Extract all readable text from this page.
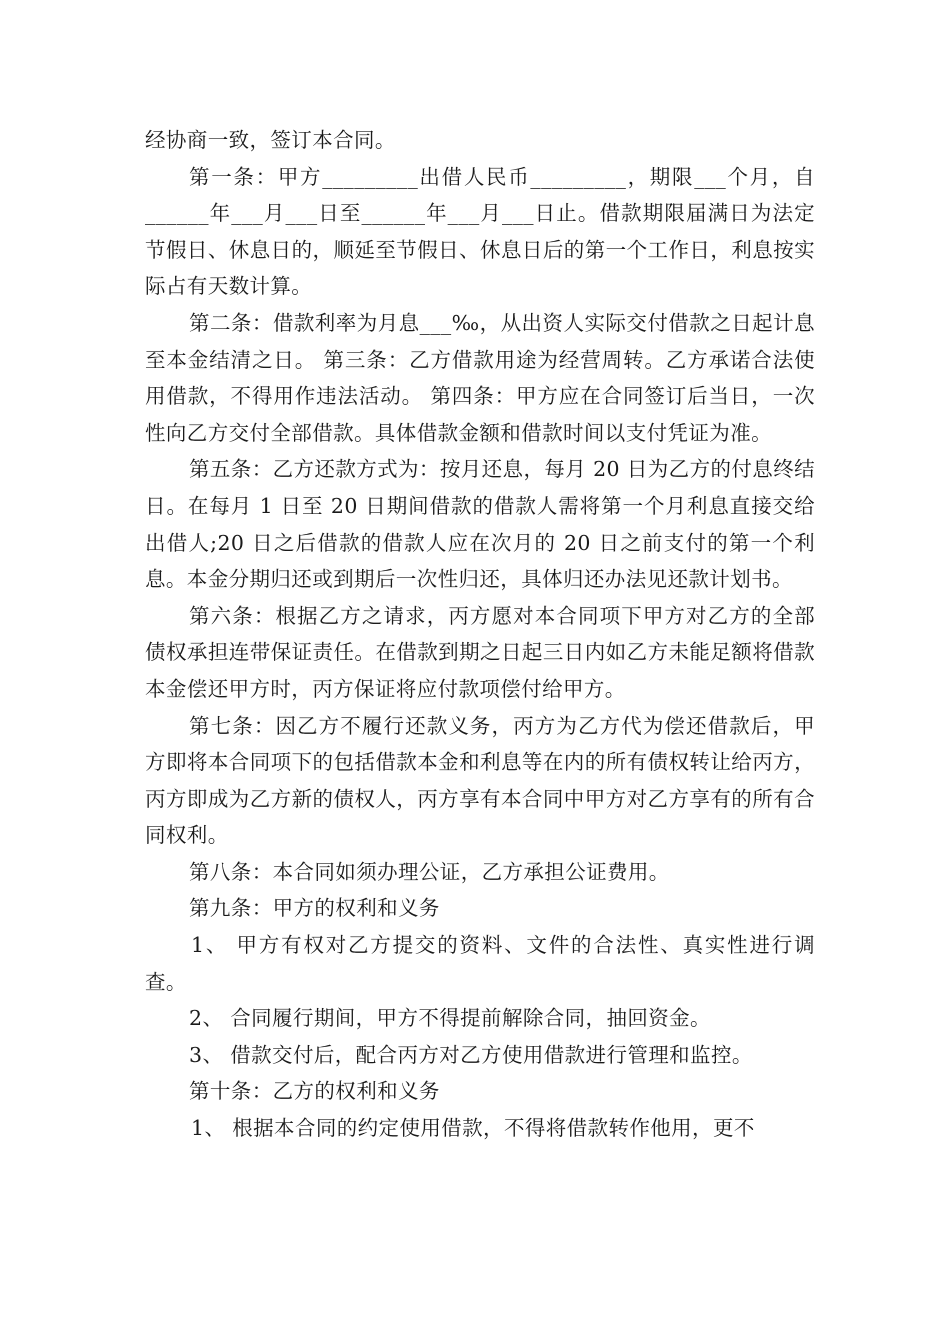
经协商一致，签订本合同。

第一条：甲方_________出借人民币_________，期限___个月，自______年___月___日至______年___月___日止。借款期限届满日为法定节假日、休息日的，顺延至节假日、休息日后的第一个工作日，利息按实际占有天数计算。

第二条：借款利率为月息___‰，从出资人实际交付借款之日起计息至本金结清之日。 第三条：乙方借款用途为经营周转。乙方承诺合法使用借款，不得用作违法活动。 第四条：甲方应在合同签订后当日，一次性向乙方交付全部借款。具体借款金额和借款时间以支付凭证为准。

第五条：乙方还款方式为：按月还息，每月 20 日为乙方的付息终结日。在每月 1 日至 20 日期间借款的借款人需将第一个月利息直接交给出借人;20 日之后借款的借款人应在次月的 20 日之前支付的第一个利息。本金分期归还或到期后一次性归还，具体归还办法见还款计划书。

第六条：根据乙方之请求，丙方愿对本合同项下甲方对乙方的全部债权承担连带保证责任。在借款到期之日起三日内如乙方未能足额将借款本金偿还甲方时，丙方保证将应付款项偿付给甲方。

第七条：因乙方不履行还款义务，丙方为乙方代为偿还借款后，甲方即将本合同项下的包括借款本金和利息等在内的所有债权转让给丙方，丙方即成为乙方新的债权人，丙方享有本合同中甲方对乙方享有的所有合同权利。

第八条：本合同如须办理公证，乙方承担公证费用。

第九条：甲方的权利和义务

1、 甲方有权对乙方提交的资料、文件的合法性、真实性进行调查。

2、 合同履行期间，甲方不得提前解除合同，抽回资金。

3、 借款交付后，配合丙方对乙方使用借款进行管理和监控。

第十条：乙方的权利和义务

1、 根据本合同的约定使用借款，不得将借款转作他用，更不
